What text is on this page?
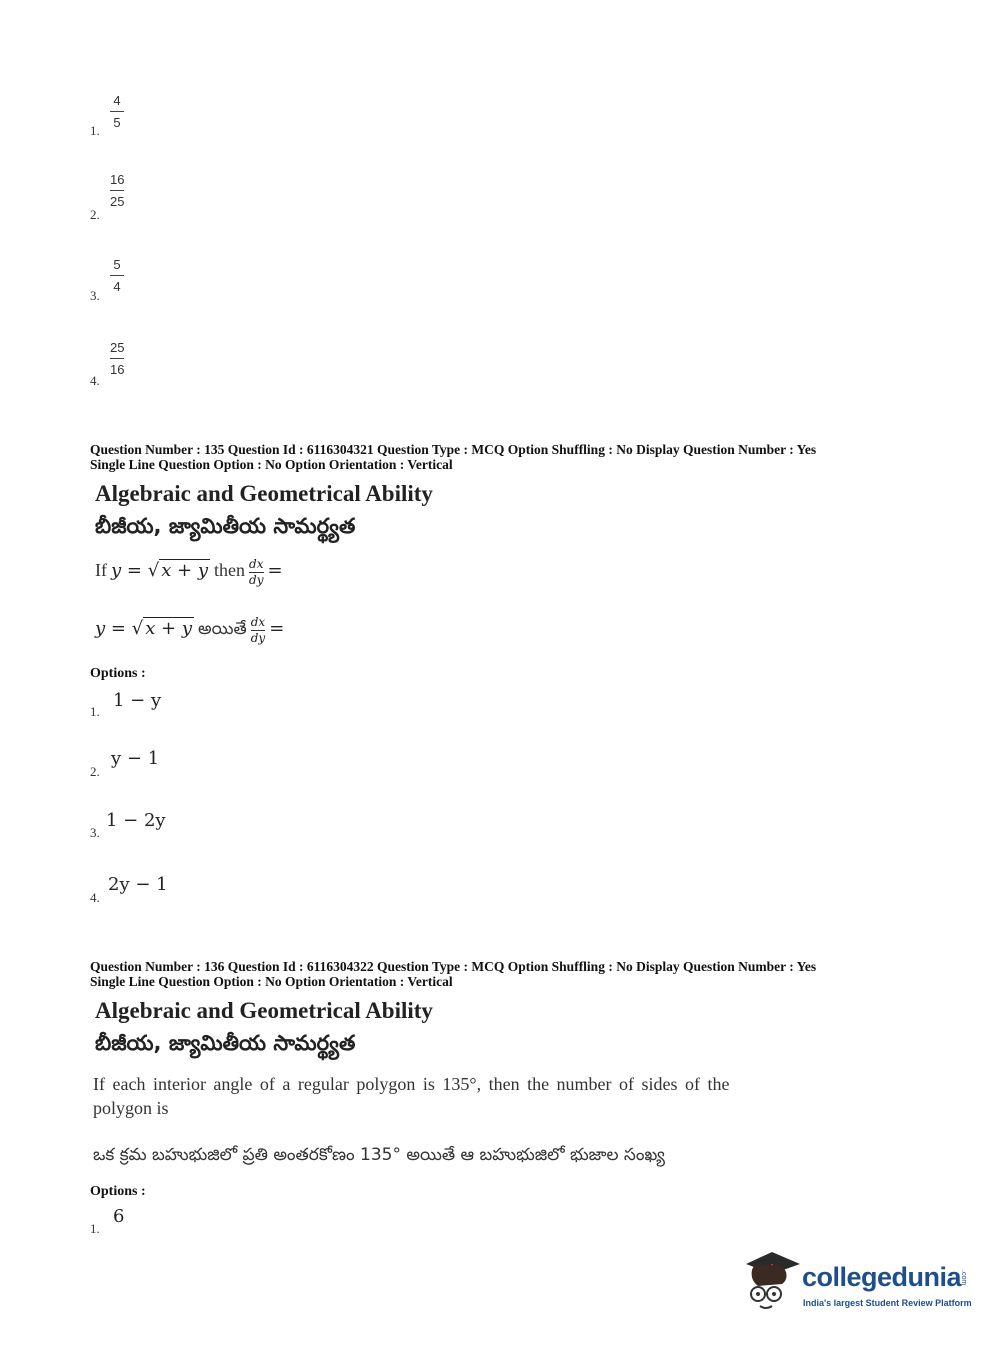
1.
4
5
2.
16
25
3.
5
4
4.
25
16
Question Number : 135 Question Id : 6116304321 Question Type : MCQ Option Shuffling : No Display Question Number : Yes
Single Line Question Option : No Option Orientation : Vertical
Algebraic and Geometrical Ability
బీజీయ, జ్యామితీయ సామర్థ్యత
If y = √ x + y then $\frac{dx}{dy}$ =
y = √ x + y అయితే $\frac{dx}{dy}$ =
Options :
1.
1 − y
2.
y − 1
3.
1 − 2y
4.
2y − 1
Question Number : 136 Question Id : 6116304322 Question Type : MCQ Option Shuffling : No Display Question Number : Yes
Single Line Question Option : No Option Orientation : Vertical
Algebraic and Geometrical Ability
బీజీయ, జ్యామితీయ సామర్థ్యత
If each interior angle of a regular polygon is 135°, then the number of sides of the
polygon is
ఒక క్రమ బహుభుజిలో ప్రతి అంతరకోణం 135° అయితే ఆ బహుభుజిలో భుజాల సంఖ్య
Options :
1.
6
collegedunia
.com
India's largest Student Review Platform
